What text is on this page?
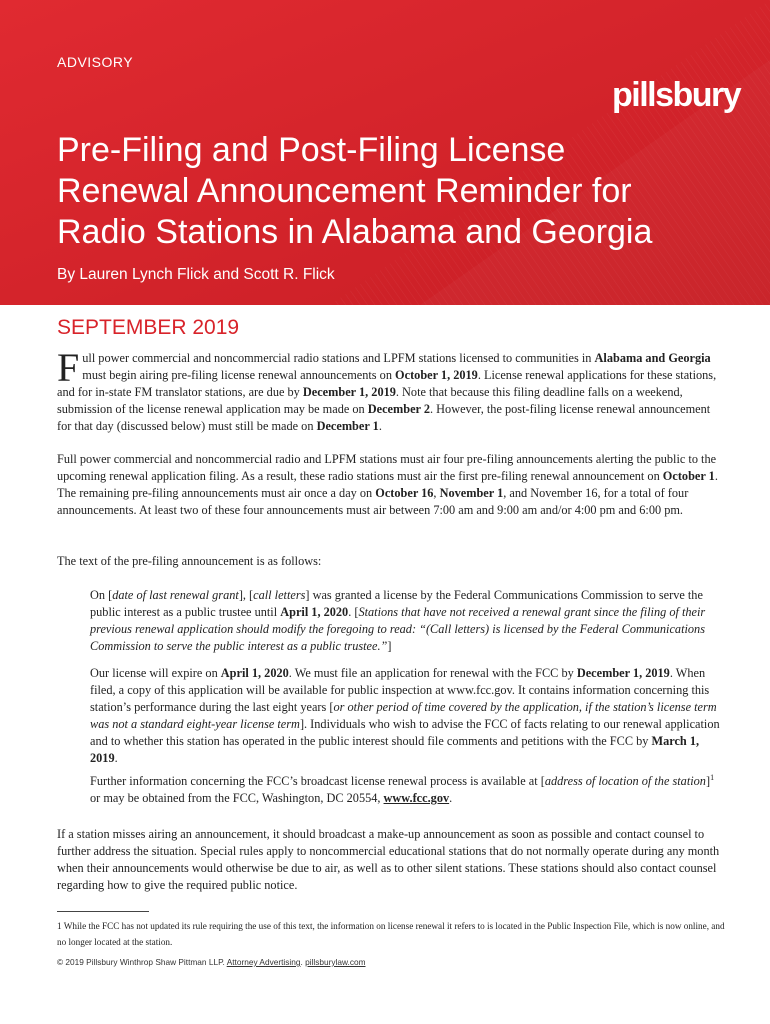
ADVISORY
pillsbury
Pre-Filing and Post-Filing License
Renewal Announcement Reminder for
Radio Stations in Alabama and Georgia
By Lauren Lynch Flick and Scott R. Flick
SEPTEMBER 2019

Full power commercial and noncommercial radio stations and LPFM stations licensed to communities in Alabama and Georgia must begin airing pre-filing license renewal announcements on October 1, 2019. License renewal applications for these stations, and for in-state FM translator stations, are due by December 1, 2019. Note that because this filing deadline falls on a weekend, submission of the license renewal application may be made on December 2. However, the post-filing license renewal announcement for that day (discussed below) must still be made on December 1.

Full power commercial and noncommercial radio and LPFM stations must air four pre-filing announcements alerting the public to the upcoming renewal application filing. As a result, these radio stations must air the first pre-filing renewal announcement on October 1. The remaining pre-filing announcements must air once a day on October 16, November 1, and November 16, for a total of four announcements. At least two of these four announcements must air between 7:00 am and 9:00 am and/or 4:00 pm and 6:00 pm.

The text of the pre-filing announcement is as follows:

On [date of last renewal grant], [call letters] was granted a license by the Federal Communications Commission to serve the public interest as a public trustee until April 1, 2020. [Stations that have not received a renewal grant since the filing of their previous renewal application should modify the foregoing to read: “(Call letters) is licensed by the Federal Communications Commission to serve the public interest as a public trustee.”]

Our license will expire on April 1, 2020. We must file an application for renewal with the FCC by December 1, 2019. When filed, a copy of this application will be available for public inspection at www.fcc.gov. It contains information concerning this station’s performance during the last eight years [or other period of time covered by the application, if the station’s license term was not a standard eight-year license term]. Individuals who wish to advise the FCC of facts relating to our renewal application and to whether this station has operated in the public interest should file comments and petitions with the FCC by March 1, 2019.

Further information concerning the FCC’s broadcast license renewal process is available at [address of location of the station]$^1$ or may be obtained from the FCC, Washington, DC 20554, www.fcc.gov.

If a station misses airing an announcement, it should broadcast a make-up announcement as soon as possible and contact counsel to further address the situation. Special rules apply to noncommercial educational stations that do not normally operate during any month when their announcements would otherwise be due to air, as well as to other silent stations. These stations should also contact counsel regarding how to give the required public notice.

1 While the FCC has not updated its rule requiring the use of this text, the information on license renewal it refers to is located in the Public Inspection File, which is now online, and no longer located at the station.

© 2019 Pillsbury Winthrop Shaw Pittman LLP. Attorney Advertising. pillsburylaw.com
